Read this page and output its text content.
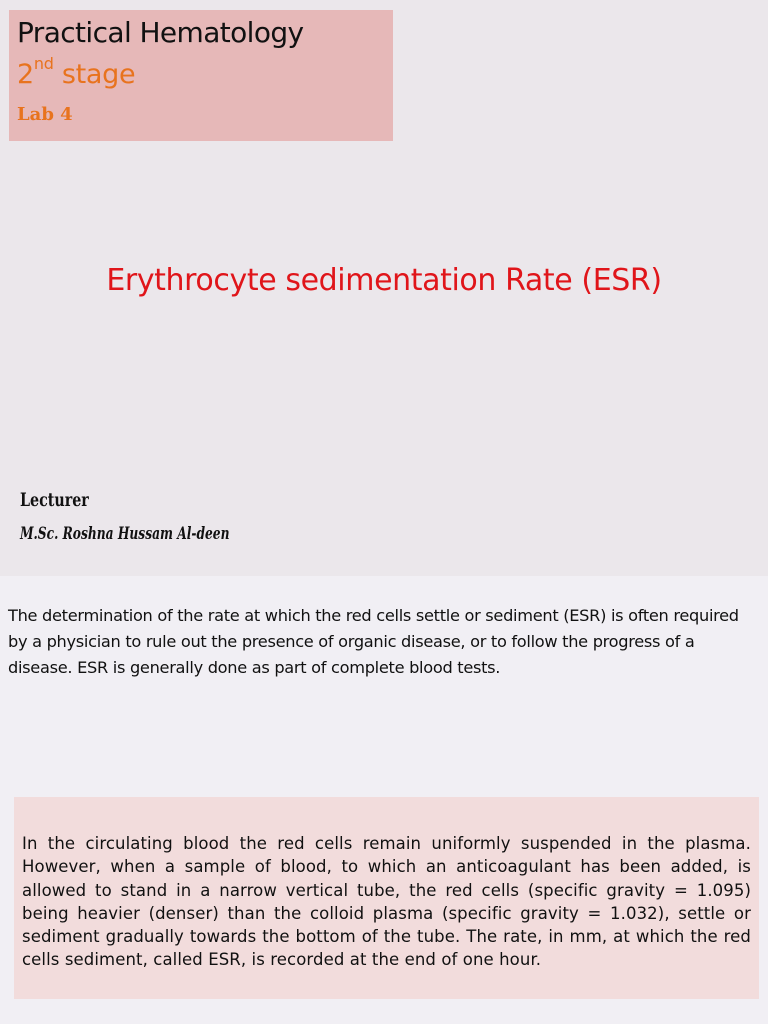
Practical Hematology
2nd stage
Lab 4
Erythrocyte sedimentation Rate (ESR)
Lecturer
M.Sc. Roshna Hussam Al-deen
The determination of the rate at which the red cells settle or sediment (ESR) is often required by a physician to rule out the presence of organic disease, or to follow the progress of a disease. ESR is generally done as part of complete blood tests.
In the circulating blood the red cells remain uniformly suspended in the plasma. However, when a sample of blood, to which an anticoagulant has been added, is allowed to stand in a narrow vertical tube, the red cells (specific gravity = 1.095) being heavier (denser) than the colloid plasma (specific gravity = 1.032), settle or sediment gradually towards the bottom of the tube. The rate, in mm, at which the red cells sediment, called ESR, is recorded at the end of one hour.
